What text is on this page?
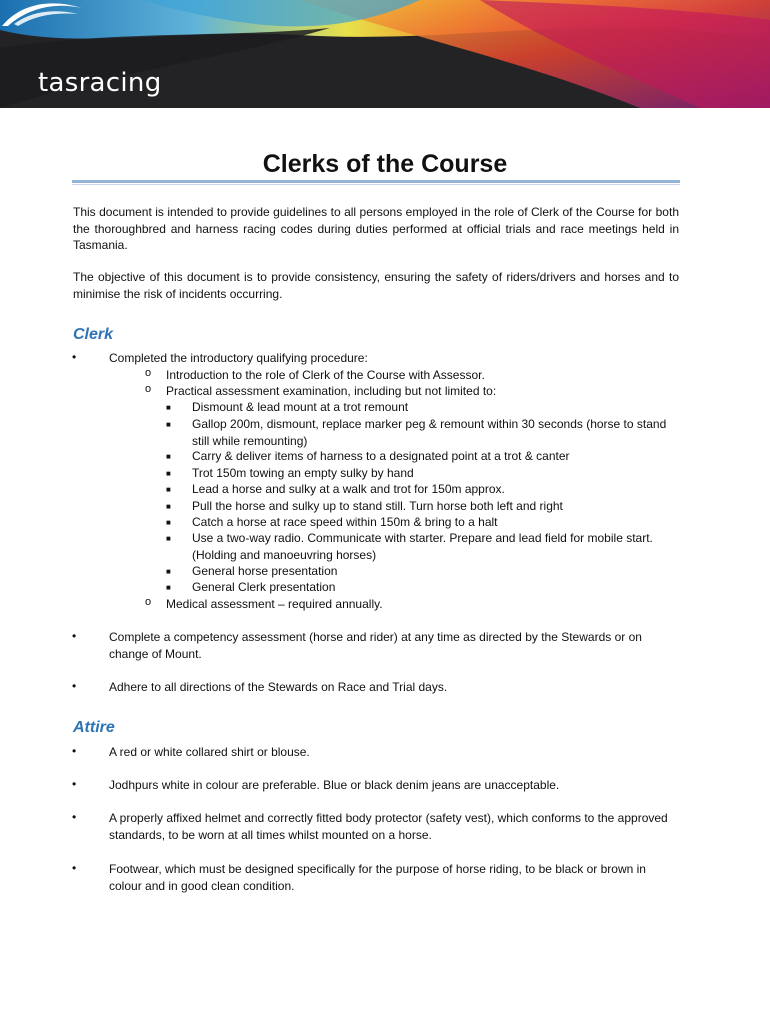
tasracing
Clerks of the Course
This document is intended to provide guidelines to all persons employed in the role of Clerk of the Course for both the thoroughbred and harness racing codes during duties performed at official trials and race meetings held in Tasmania.
The objective of this document is to provide consistency, ensuring the safety of riders/drivers and horses and to minimise the risk of incidents occurring.
Clerk
•	Completed the introductory qualifying procedure:
o Introduction to the role of Clerk of the Course with Assessor.
o Practical assessment examination, including but not limited to:
■ Dismount & lead mount at a trot remount
■ Gallop 200m, dismount, replace marker peg & remount within 30 seconds (horse to stand still while remounting)
■ Carry & deliver items of harness to a designated point at a trot & canter
■ Trot 150m towing an empty sulky by hand
■ Lead a horse and sulky at a walk and trot for 150m approx.
■ Pull the horse and sulky up to stand still. Turn horse both left and right
■ Catch a horse at race speed within 150m & bring to a halt
■ Use a two-way radio. Communicate with starter. Prepare and lead field for mobile start. (Holding and manoeuvring horses)
■ General horse presentation
■ General Clerk presentation
o Medical assessment – required annually.
•	Complete a competency assessment (horse and rider) at any time as directed by the Stewards or on change of Mount.
•	Adhere to all directions of the Stewards on Race and Trial days.
Attire
•	A red or white collared shirt or blouse.
•	Jodhpurs white in colour are preferable. Blue or black denim jeans are unacceptable.
•	A properly affixed helmet and correctly fitted body protector (safety vest), which conforms to the approved standards, to be worn at all times whilst mounted on a horse.
•	Footwear, which must be designed specifically for the purpose of horse riding, to be black or brown in colour and in good clean condition.
